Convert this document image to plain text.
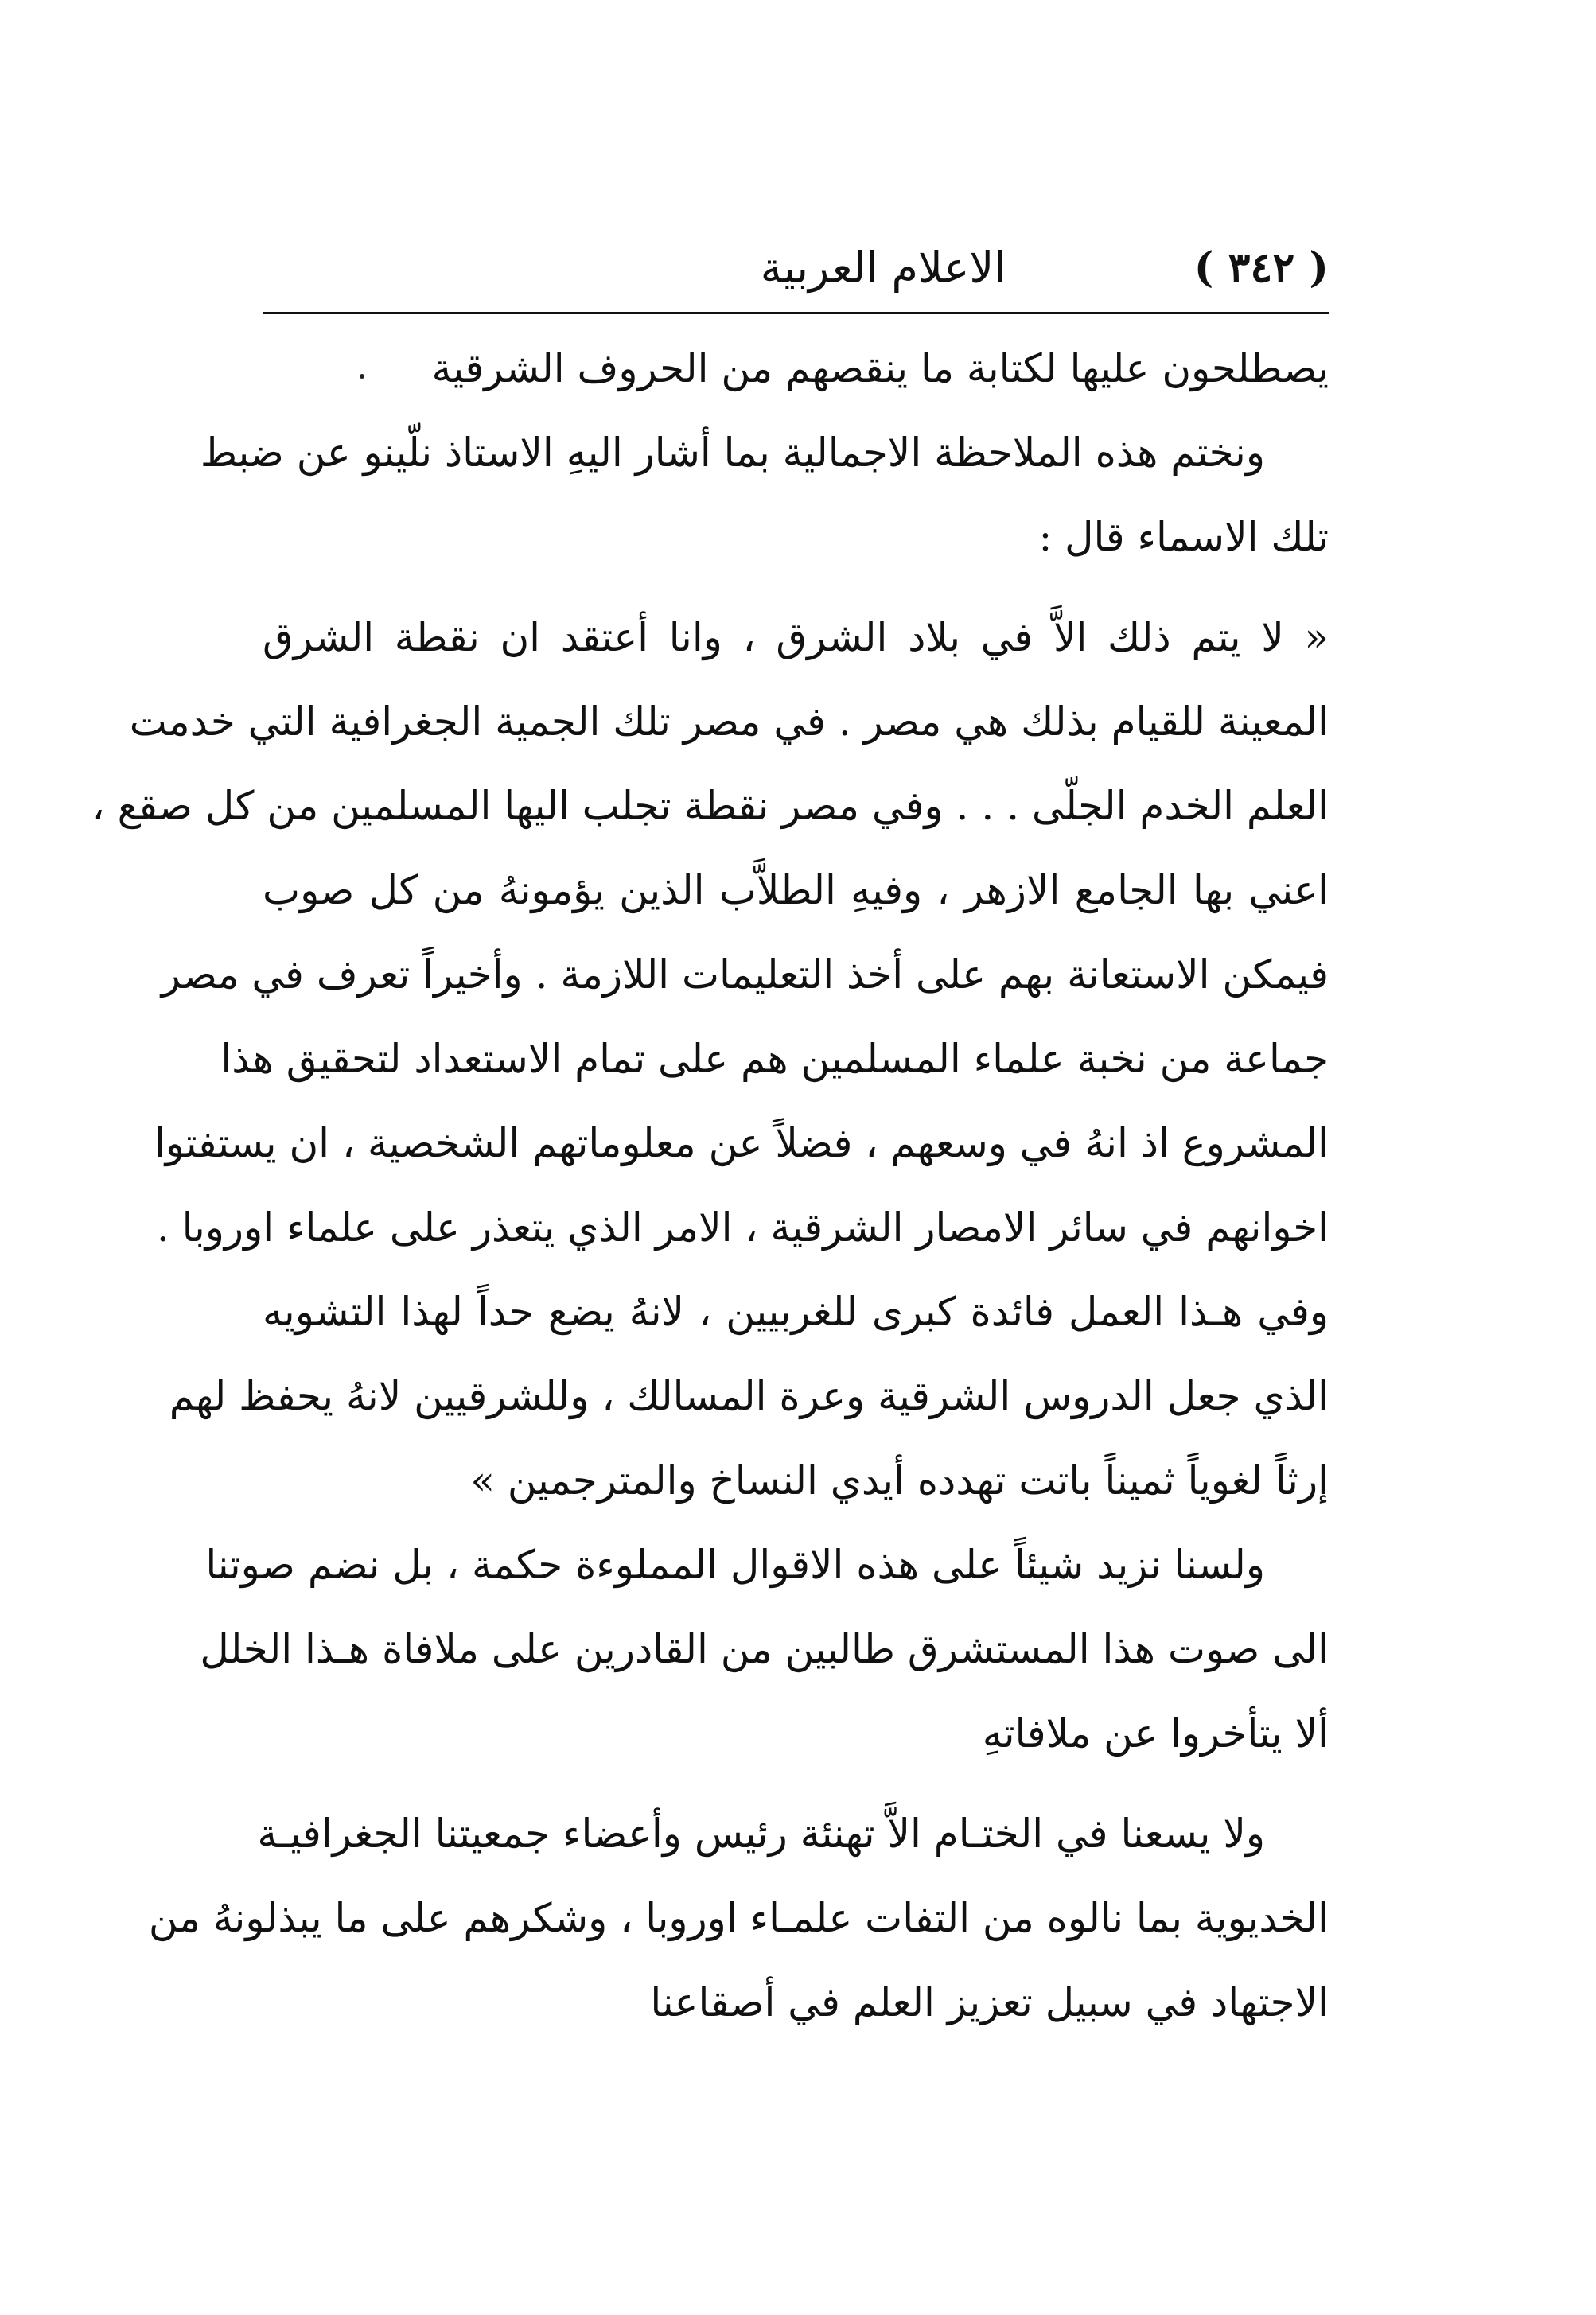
( ٣٤٢ )
الاعلام العربية
يصطلحون عليها لكتابة ما ينقصهم من الحروف الشرقية
ونختم هذه الملاحظة الاجمالية بما أشار اليهِ الاستاذ نلّينو عن ضبط
تلك الاسماء قال :
« لا يتم ذلك الاَّ في بلاد الشرق ، وانا أعتقد ان نقطة الشرق
المعينة للقيام بذلك هي مصر . في مصر تلك الجمية الجغرافية التي خدمت
العلم الخدم الجلّى . . . وفي مصر نقطة تجلب اليها المسلمين من كل صقع ،
اعني بها الجامع الازهر ، وفيهِ الطلاَّب الذين يؤمونهُ من كل صوب
فيمكن الاستعانة بهم على أخذ التعليمات اللازمة . وأخيراً تعرف في مصر
جماعة من نخبة علماء المسلمين هم على تمام الاستعداد لتحقيق هذا
المشروع اذ انهُ في وسعهم ، فضلاً عن معلوماتهم الشخصية ، ان يستفتوا
اخوانهم في سائر الامصار الشرقية ، الامر الذي يتعذر على علماء اوروبا .
وفي هـذا العمل فائدة كبرى للغربيين ، لانهُ يضع حداً لهذا التشويه
الذي جعل الدروس الشرقية وعرة المسالك ، وللشرقيين لانهُ يحفظ لهم
إرثاً لغوياً ثميناً باتت تهدده أيدي النساخ والمترجمين »
ولسنا نزيد شيئاً على هذه الاقوال المملوءة حكمة ، بل نضم صوتنا
الى صوت هذا المستشرق طالبين من القادرين على ملافاة هـذا الخلل
ألا يتأخروا عن ملافاتهِ
ولا يسعنا في الختـام الاَّ تهنئة رئيس وأعضاء جمعيتنا الجغرافيـة
الخديوية بما نالوه من التفات علمـاء اوروبا ، وشكرهم على ما يبذلونهُ من
الاجتهاد في سبيل تعزيز العلم في أصقاعنا
